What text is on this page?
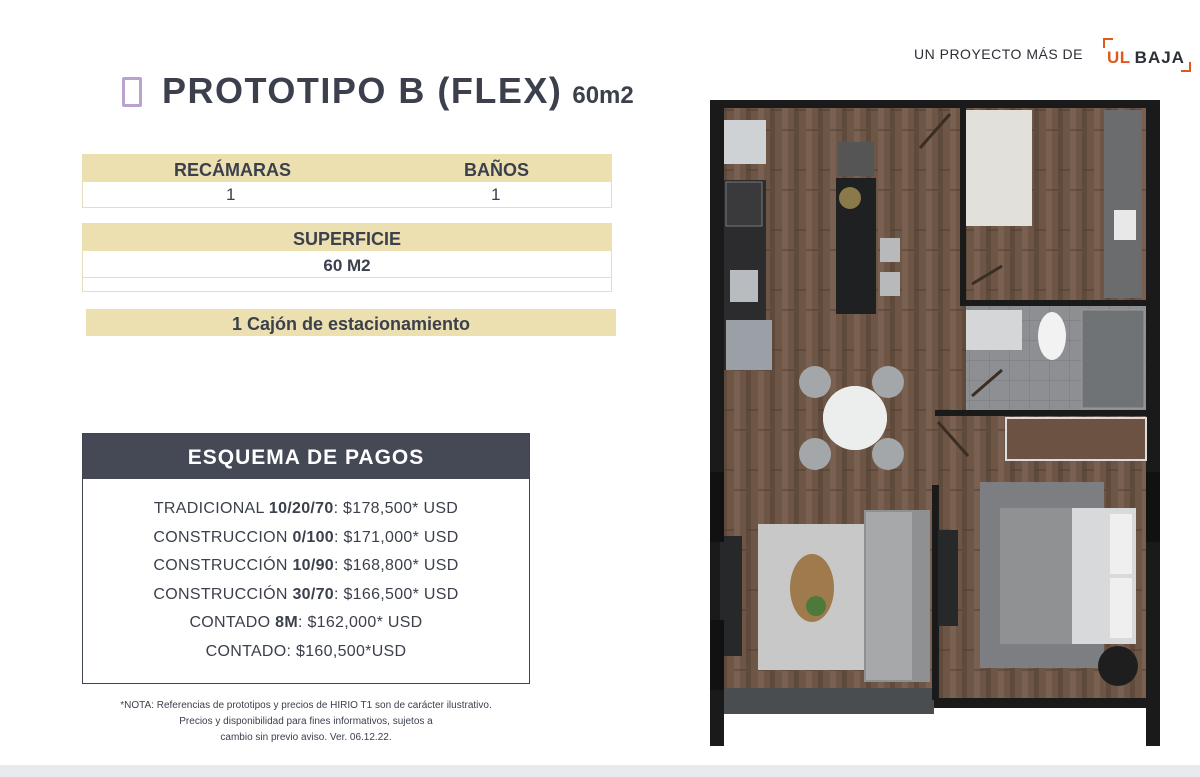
UN PROYECTO MÁS DE UL BAJA
PROTOTIPO B (FLEX) 60m2
RECÁMARAS	BAÑOS
1	1
SUPERFICIE
60 M2
1 Cajón de estacionamiento
ESQUEMA DE PAGOS
TRADICIONAL 10/20/70: $178,500* USD
CONSTRUCCION 0/100: $171,000* USD
CONSTRUCCIÓN 10/90: $168,800* USD
CONSTRUCCIÓN 30/70: $166,500* USD
CONTADO 8M: $162,000* USD
CONTADO: $160,500*USD
*NOTA: Referencias de prototipos y precios de HIRIO T1 son de carácter ilustrativo.
Precios y disponibilidad para fines informativos, sujetos a
cambio sin previo aviso. Ver. 06.12.22.
